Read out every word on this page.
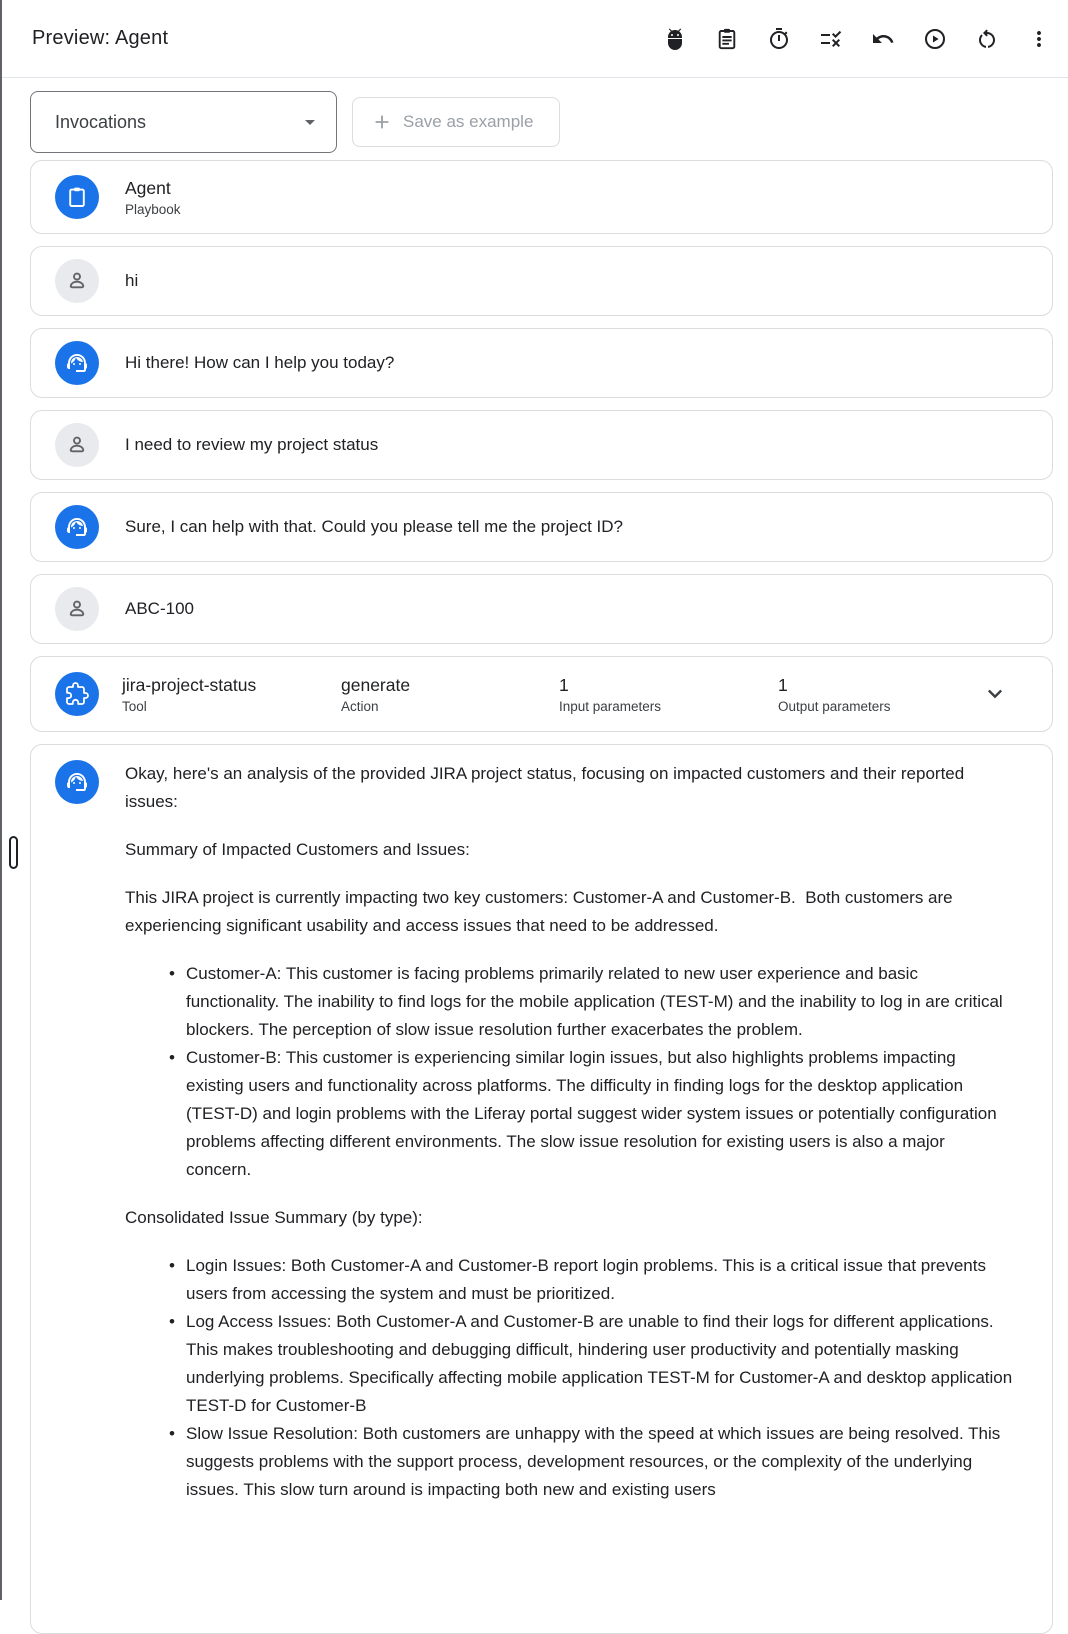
Preview: Agent
Invocations	Save as example
Agent
Playbook
hi
Hi there! How can I help you today?
I need to review my project status
Sure, I can help with that. Could you please tell me the project ID?
ABC-100
jira-project-status
Tool
generate
Action
1
Input parameters
1
Output parameters

Okay, here's an analysis of the provided JIRA project status, focusing on impacted customers and their reported issues:

Summary of Impacted Customers and Issues:

This JIRA project is currently impacting two key customers: Customer-A and Customer-B.  Both customers are experiencing significant usability and access issues that need to be addressed.

• Customer-A: This customer is facing problems primarily related to new user experience and basic functionality. The inability to find logs for the mobile application (TEST-M) and the inability to log in are critical blockers. The perception of slow issue resolution further exacerbates the problem.
• Customer-B: This customer is experiencing similar login issues, but also highlights problems impacting existing users and functionality across platforms. The difficulty in finding logs for the desktop application (TEST-D) and login problems with the Liferay portal suggest wider system issues or potentially configuration problems affecting different environments. The slow issue resolution for existing users is also a major concern.

Consolidated Issue Summary (by type):

• Login Issues: Both Customer-A and Customer-B report login problems. This is a critical issue that prevents users from accessing the system and must be prioritized.
• Log Access Issues: Both Customer-A and Customer-B are unable to find their logs for different applications. This makes troubleshooting and debugging difficult, hindering user productivity and potentially masking underlying problems. Specifically affecting mobile application TEST-M for Customer-A and desktop application TEST-D for Customer-B
• Slow Issue Resolution: Both customers are unhappy with the speed at which issues are being resolved. This suggests problems with the support process, development resources, or the complexity of the underlying issues. This slow turn around is impacting both new and existing users
